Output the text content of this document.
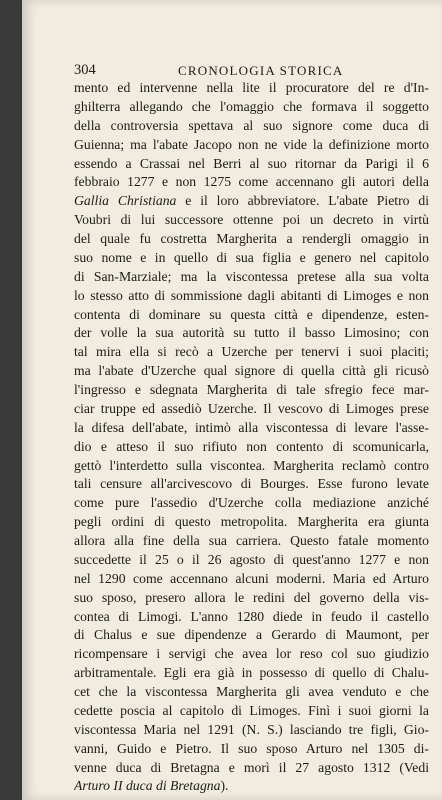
304	CRONOLOGIA STORICA
mento ed intervenne nella lite il procuratore del re d'In-
ghilterra allegando che l'omaggio che formava il soggetto
della controversia spettava al suo signore come duca di
Guienna; ma l'abate Jacopo non ne vide la definizione morto
essendo a Crassai nel Berri al suo ritornar da Parigi il 6
febbraio 1277 e non 1275 come accennano gli autori della
Gallia Christiana e il loro abbreviatore. L'abate Pietro di
Voubri di lui successore ottenne poi un decreto in virtù
del quale fu costretta Margherita a rendergli omaggio in
suo nome e in quello di sua figlia e genero nel capitolo
di San-Marziale; ma la viscontessa pretese alla sua volta
lo stesso atto di sommissione dagli abitanti di Limoges e non
contenta di dominare su questa città e dipendenze, esten-
der volle la sua autorità su tutto il basso Limosino; con
tal mira ella si recò a Uzerche per tenervi i suoi placiti;
ma l'abate d'Uzerche qual signore di quella città gli ricusò
l'ingresso e sdegnata Margherita di tale sfregio fece mar-
ciar truppe ed assediò Uzerche. Il vescovo di Limoges prese
la difesa dell'abate, intimò alla viscontessa di levare l'asse-
dio e atteso il suo rifiuto non contento di scomunicarla,
gettò l'interdetto sulla viscontea. Margherita reclamò contro
tali censure all'arcivescovo di Bourges. Esse furono levate
come pure l'assedio d'Uzerche colla mediazione anziché
pegli ordini di questo metropolita. Margherita era giunta
allora alla fine della sua carriera. Questo fatale momento
succedette il 25 o il 26 agosto di quest'anno 1277 e non
nel 1290 come accennano alcuni moderni. Maria ed Arturo
suo sposo, presero allora le redini del governo della vis-
contea di Limogi. L'anno 1280 diede in feudo il castello
di Chalus e sue dipendenze a Gerardo di Maumont, per
ricompensare i servigi che avea lor reso col suo giudizio
arbitramentale. Egli era già in possesso di quello di Chalu-
cet che la viscontessa Margherita gli avea venduto e che
cedette poscia al capitolo di Limoges. Finì i suoi giorni la
viscontessa Maria nel 1291 (N. S.) lasciando tre figli, Gio-
vanni, Guido e Pietro. Il suo sposo Arturo nel 1305 di-
venne duca di Bretagna e morì il 27 agosto 1312 (Vedi
Arturo II duca di Bretagna).
